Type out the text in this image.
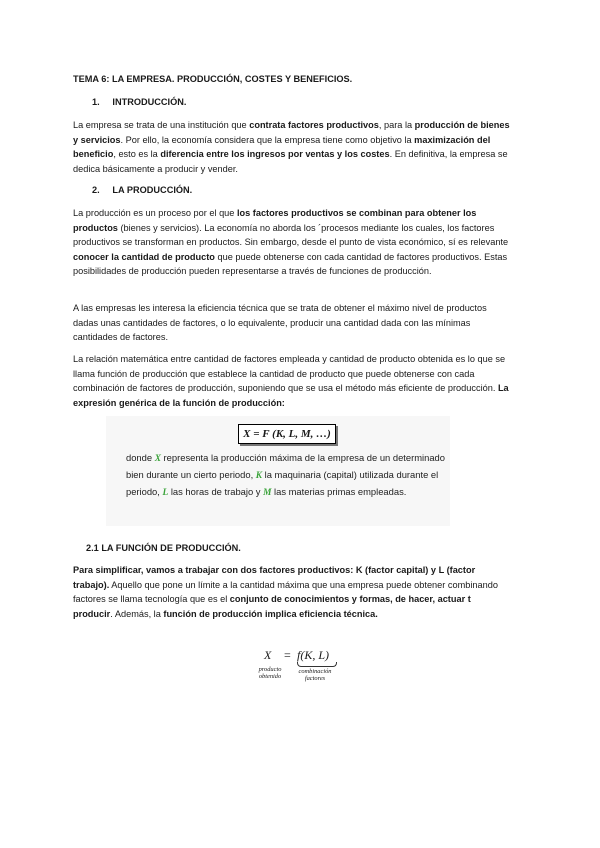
TEMA 6: LA EMPRESA. PRODUCCIÓN, COSTES Y BENEFICIOS.
1.     INTRODUCCIÓN.

La empresa se trata de una institución que contrata factores productivos, para la producción de bienes y servicios. Por ello, la economía considera que la empresa tiene como objetivo la maximización del beneficio, esto es la diferencia entre los ingresos por ventas y los costes. En definitiva, la empresa se dedica básicamente a producir y vender.

2.     LA PRODUCCIÓN.

La producción es un proceso por el que los factores productivos se combinan para obtener los productos (bienes y servicios). La economía no aborda los ´procesos mediante los cuales, los factores productivos se transforman en productos. Sin embargo, desde el punto de vista económico, sí es relevante conocer la cantidad de producto que puede obtenerse con cada cantidad de factores productivos. Estas posibilidades de producción pueden representarse a través de funciones de producción.

A las empresas les interesa la eficiencia técnica que se trata de obtener el máximo nivel de productos dadas unas cantidades de factores, o lo equivalente, producir una cantidad dada con las mínimas cantidades de factores.

La relación matemática entre cantidad de factores empleada y cantidad de producto obtenida es lo que se llama función de producción que establece la cantidad de producto que puede obtenerse con cada combinación de factores de producción, suponiendo que se usa el método más eficiente de producción. La expresión genérica de la función de producción:

X = F (K, L, M, …)
donde X representa la producción máxima de la empresa de un determinado bien durante un cierto periodo, K la maquinaria (capital) utilizada durante el periodo, L las horas de trabajo y M las materias primas empleadas.
2.1 LA FUNCIÓN DE PRODUCCIÓN.

Para simplificar, vamos a trabajar con dos factores productivos: K (factor capital) y L (factor trabajo). Aquello que pone un límite a la cantidad máxima que una empresa puede obtener combinando factores se llama tecnología que es el conjunto de conocimientos y formas, de hacer, actuar t producir. Además, la función de producción implica eficiencia técnica.

X = f(K, L)
producto obtenido
combinación factores
